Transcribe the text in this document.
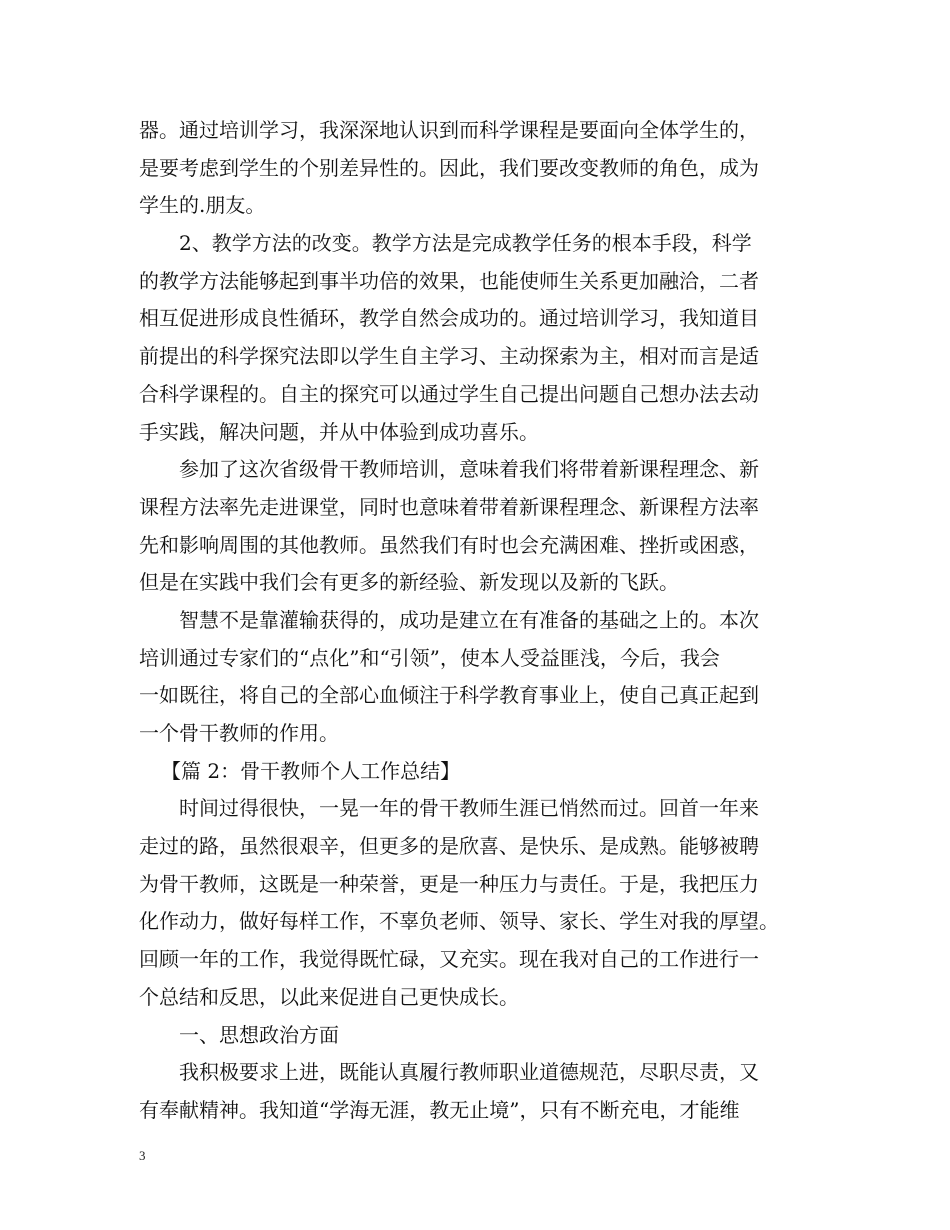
器。通过培训学习，我深深地认识到而科学课程是要面向全体学生的，
是要考虑到学生的个别差异性的。因此，我们要改变教师的角色，成为
学生的.朋友。
2、教学方法的改变。教学方法是完成教学任务的根本手段，科学
的教学方法能够起到事半功倍的效果，也能使师生关系更加融洽，二者
相互促进形成良性循环，教学自然会成功的。通过培训学习，我知道目
前提出的科学探究法即以学生自主学习、主动探索为主，相对而言是适
合科学课程的。自主的探究可以通过学生自己提出问题自己想办法去动
手实践，解决问题，并从中体验到成功喜乐。
参加了这次省级骨干教师培训，意味着我们将带着新课程理念、新
课程方法率先走进课堂，同时也意味着带着新课程理念、新课程方法率
先和影响周围的其他教师。虽然我们有时也会充满困难、挫折或困惑，
但是在实践中我们会有更多的新经验、新发现以及新的飞跃。
智慧不是靠灌输获得的，成功是建立在有准备的基础之上的。本次
培训通过专家们的“点化”和“引领”，使本人受益匪浅，今后，我会
一如既往，将自己的全部心血倾注于科学教育事业上，使自己真正起到
一个骨干教师的作用。
【篇 2：骨干教师个人工作总结】
时间过得很快，一晃一年的骨干教师生涯已悄然而过。回首一年来
走过的路，虽然很艰辛，但更多的是欣喜、是快乐、是成熟。能够被聘
为骨干教师，这既是一种荣誉，更是一种压力与责任。于是，我把压力
化作动力，做好每样工作，不辜负老师、领导、家长、学生对我的厚望。
回顾一年的工作，我觉得既忙碌，又充实。现在我对自己的工作进行一
个总结和反思，以此来促进自己更快成长。
一、思想政治方面
我积极要求上进，既能认真履行教师职业道德规范，尽职尽责，又
有奉献精神。我知道“学海无涯，教无止境”，只有不断充电，才能维
3
